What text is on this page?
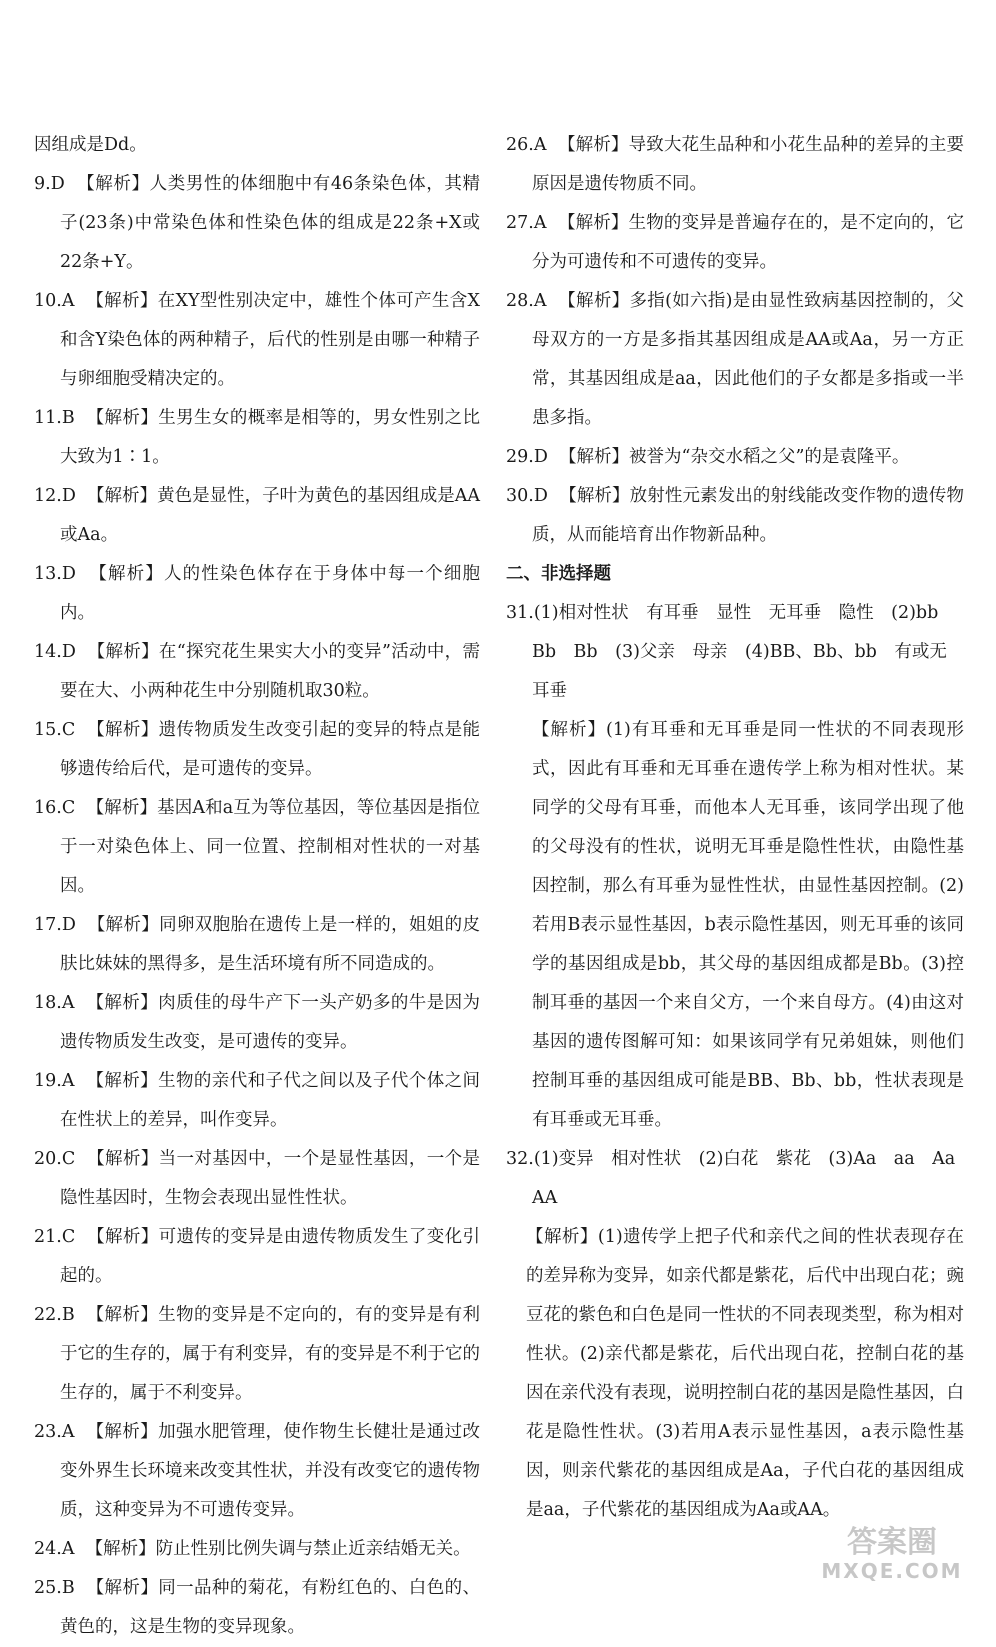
因组成是Dd。
9.D 【解析】人类男性的体细胞中有46条染色体，其精子(23条)中常染色体和性染色体的组成是22条+X或22条+Y。
10.A 【解析】在XY型性别决定中，雄性个体可产生含X和含Y染色体的两种精子，后代的性别是由哪一种精子与卵细胞受精决定的。
11.B 【解析】生男生女的概率是相等的，男女性别之比大致为1∶1。
12.D 【解析】黄色是显性，子叶为黄色的基因组成是AA或Aa。
13.D 【解析】人的性染色体存在于身体中每一个细胞内。
14.D 【解析】在“探究花生果实大小的变异”活动中，需要在大、小两种花生中分别随机取30粒。
15.C 【解析】遗传物质发生改变引起的变异的特点是能够遗传给后代，是可遗传的变异。
16.C 【解析】基因A和a互为等位基因，等位基因是指位于一对染色体上、同一位置、控制相对性状的一对基因。
17.D 【解析】同卵双胞胎在遗传上是一样的，姐姐的皮肤比妹妹的黑得多，是生活环境有所不同造成的。
18.A 【解析】肉质佳的母牛产下一头产奶多的牛是因为遗传物质发生改变，是可遗传的变异。
19.A 【解析】生物的亲代和子代之间以及子代个体之间在性状上的差异，叫作变异。
20.C 【解析】当一对基因中，一个是显性基因，一个是隐性基因时，生物会表现出显性性状。
21.C 【解析】可遗传的变异是由遗传物质发生了变化引起的。
22.B 【解析】生物的变异是不定向的，有的变异是有利于它的生存的，属于有利变异，有的变异是不利于它的生存的，属于不利变异。
23.A 【解析】加强水肥管理，使作物生长健壮是通过改变外界生长环境来改变其性状，并没有改变它的遗传物质，这种变异为不可遗传变异。
24.A 【解析】防止性别比例失调与禁止近亲结婚无关。
25.B 【解析】同一品种的菊花，有粉红色的、白色的、黄色的，这是生物的变异现象。
26.A 【解析】导致大花生品种和小花生品种的差异的主要原因是遗传物质不同。
27.A 【解析】生物的变异是普遍存在的，是不定向的，它分为可遗传和不可遗传的变异。
28.A 【解析】多指(如六指)是由显性致病基因控制的，父母双方的一方是多指其基因组成是AA或Aa，另一方正常，其基因组成是aa，因此他们的子女都是多指或一半患多指。
29.D 【解析】被誉为“杂交水稻之父”的是袁隆平。
30.D 【解析】放射性元素发出的射线能改变作物的遗传物质，从而能培育出作物新品种。
二、非选择题
31.(1)相对性状　有耳垂　显性　无耳垂　隐性　(2)bb
Bb　Bb　(3)父亲　母亲　(4)BB、Bb、bb　有或无耳垂
【解析】(1)有耳垂和无耳垂是同一性状的不同表现形式，因此有耳垂和无耳垂在遗传学上称为相对性状。某同学的父母有耳垂，而他本人无耳垂，该同学出现了他的父母没有的性状，说明无耳垂是隐性性状，由隐性基因控制，那么有耳垂为显性性状，由显性基因控制。(2)若用B表示显性基因，b表示隐性基因，则无耳垂的该同学的基因组成是bb，其父母的基因组成都是Bb。(3)控制耳垂的基因一个来自父方，一个来自母方。(4)由这对基因的遗传图解可知：如果该同学有兄弟姐妹，则他们控制耳垂的基因组成可能是BB、Bb、bb，性状表现是有耳垂或无耳垂。
32.(1)变异　相对性状　(2)白花　紫花　(3)Aa　aa　Aa
AA
【解析】(1)遗传学上把子代和亲代之间的性状表现存在的差异称为变异，如亲代都是紫花，后代中出现白花；豌豆花的紫色和白色是同一性状的不同表现类型，称为相对性状。(2)亲代都是紫花，后代出现白花，控制白花的基因在亲代没有表现，说明控制白花的基因是隐性基因，白花是隐性性状。(3)若用A表示显性基因，a表示隐性基因，则亲代紫花的基因组成是Aa，子代白花的基因组成是aa，子代紫花的基因组成为Aa或AA。
答案圈
MXQE.COM
